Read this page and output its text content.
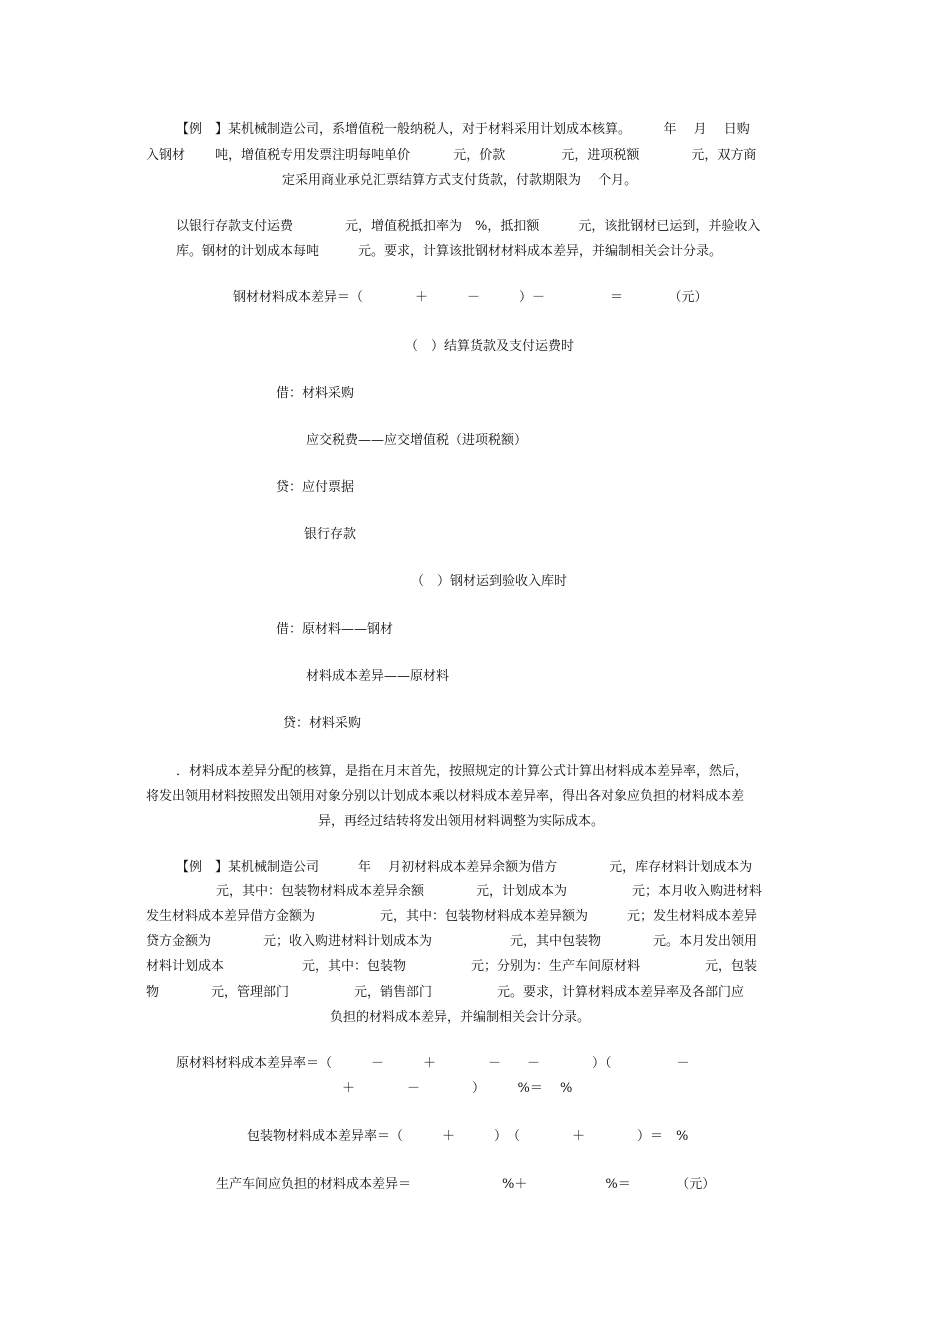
【例　】某机械制造公司，系增值税一般纳税人，对于材料采用计划成本核算。　　　年　 月　 日购
入钢材　　 吨，增值税专用发票注明每吨单价　　　 元，价款　　　　 元，进项税额　　　　元，双方商
定采用商业承兑汇票结算方式支付货款，付款期限为　 个月。
以银行存款支付运费　　　　元，增值税抵扣率为　%，抵扣额　　　元，该批钢材已运到，并验收入
库。钢材的计划成本每吨　　　元。要求，计算该批钢材材料成本差异，并编制相关会计分录。
钢材材料成本差异＝（　　　　＋　　　－　　　）－　　　　　＝　　　　（元）
（　）结算货款及支付运费时
借：材料采购
应交税费——应交增值税（进项税额）
贷：应付票据
银行存款
（　）钢材运到验收入库时
借：原材料——钢材
材料成本差异——原材料
贷：材料采购
．材料成本差异分配的核算，是指在月末首先，按照规定的计算公式计算出材料成本差异率，然后，
将发出领用材料按照发出领用对象分别以计划成本乘以材料成本差异率，得出各对象应负担的材料成本差
异，再经过结转将发出领用材料调整为实际成本。
【例　】某机械制造公司　　　年　 月初材料成本差异余额为借方　　　　元，库存材料计划成本为
元，其中：包装物材料成本差异余额　　　　元，计划成本为　　　　　元；本月收入购进材料
发生材料成本差异借方金额为　　　　　元，其中：包装物材料成本差异额为　　　元；发生材料成本差异
贷方金额为　　　　元；收入购进材料计划成本为　　　　　　元，其中包装物　　　　元。本月发出领用
材料计划成本　　　　　　元，其中：包装物　　　　　元；分别为：生产车间原材料　　　　　元，包装
物　　　　元，管理部门　　　　　元，销售部门　　　　　元。要求，计算材料成本差异率及各部门应
负担的材料成本差异，并编制相关会计分录。
原材料材料成本差异率＝（　　　－　　　＋　　　　－　　－　　　　）（　　　　　－
＋　　　　－　　　　）　　　%＝　 %
包装物材料成本差异率＝（　　　＋　　　）　（　　　　＋　　　　）＝　%
生产车间应负担的材料成本差异＝　　　　　　　%＋　　　　　　%＝　　　　（元）
